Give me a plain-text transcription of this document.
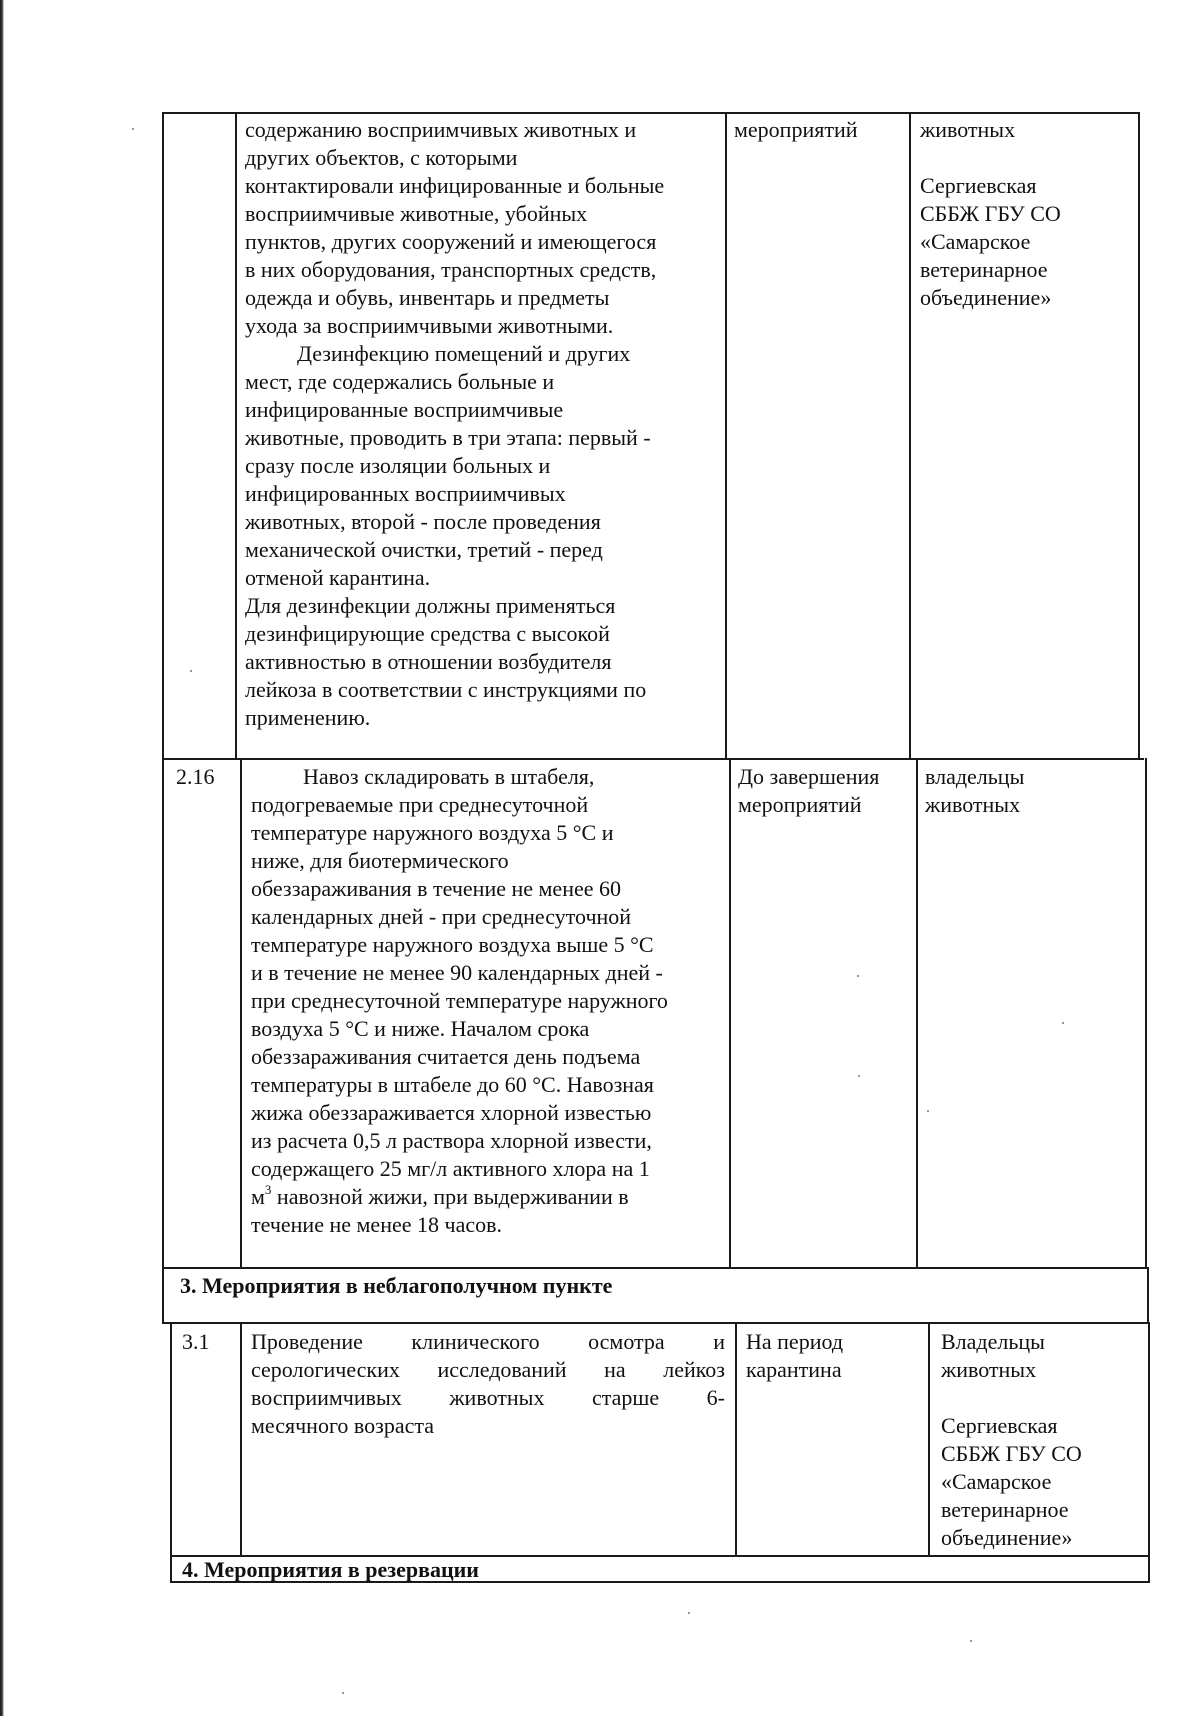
содержанию восприимчивых животных и

других объектов, с которыми

контактировали инфицированные и больные

восприимчивые животные, убойных

пунктов, других сооружений и имеющегося

в них оборудования, транспортных средств,

одежда и обувь, инвентарь и предметы

ухода за восприимчивыми животными.

Дезинфекцию помещений и других

мест, где содержались больные и

инфицированные восприимчивые

животные, проводить в три этапа: первый -

сразу после изоляции больных и

инфицированных восприимчивых

животных, второй - после проведения

механической очистки, третий - перед

отменой карантина.

Для дезинфекции должны применяться

дезинфицирующие средства с высокой

активностью в отношении возбудителя

лейкоза в соответствии с инструкциями по

применению.

мероприятий	животных

Сергиевская

СББЖ ГБУ СО

«Самарское

ветеринарное

объединение»

2.16	Навоз складировать в штабеля,

подогреваемые при среднесуточной

температуре наружного воздуха 5 °С и

ниже, для биотермического

обеззараживания в течение не менее 60

календарных дней - при среднесуточной

температуре наружного воздуха выше 5 °С

и в течение не менее 90 календарных дней -

при среднесуточной температуре наружного

воздуха 5 °С и ниже. Началом срока

обеззараживания считается день подъема

температуры в штабеле до 60 °С. Навозная

жижа обеззараживается хлорной известью

из расчета 0,5 л раствора хлорной извести,

содержащего 25 мг/л активного хлора на 1

$м^3$ навозной жижи, при выдерживании в

течение не менее 18 часов.

До завершения

мероприятий

владельцы

животных

3. Мероприятия в неблагополучном пункте
3.1 Проведение клинического осмотра и
серологических исследований на лейкоз
восприимчивых животных старше 6-

месячного возраста

На период

карантина

Владельцы

животных

Сергиевская

СББЖ ГБУ СО

«Самарское

ветеринарное

объединение»

4. Мероприятия в резервации
